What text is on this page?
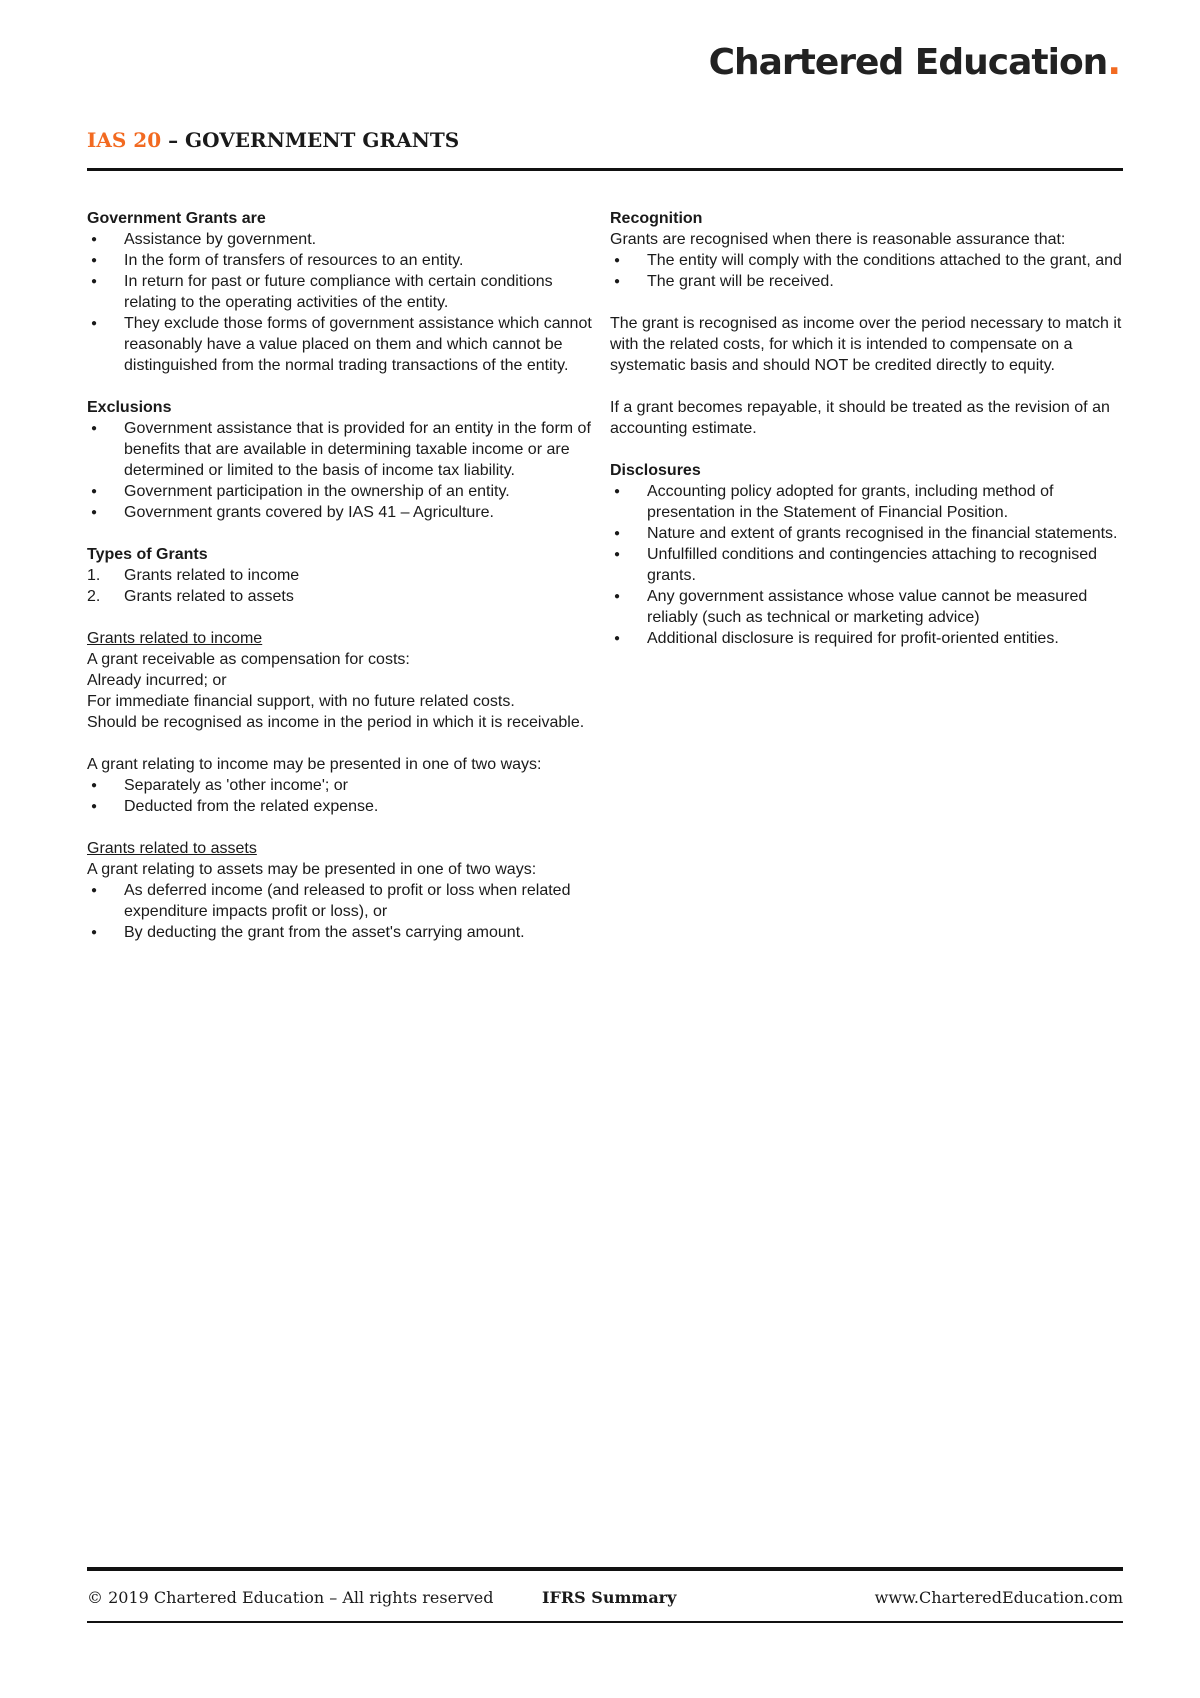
Chartered Education.
IAS 20 – GOVERNMENT GRANTS
Government Grants are
● Assistance by government.
● In the form of transfers of resources to an entity.
● In return for past or future compliance with certain conditions relating to the operating activities of the entity.
● They exclude those forms of government assistance which cannot reasonably have a value placed on them and which cannot be distinguished from the normal trading transactions of the entity.
Exclusions
● Government assistance that is provided for an entity in the form of benefits that are available in determining taxable income or are determined or limited to the basis of income tax liability.
● Government participation in the ownership of an entity.
● Government grants covered by IAS 41 – Agriculture.
Types of Grants
1. Grants related to income
2. Grants related to assets

Grants related to income

A grant receivable as compensation for costs:

Already incurred; or

For immediate financial support, with no future related costs.

Should be recognised as income in the period in which it is receivable.

A grant relating to income may be presented in one of two ways:

● Separately as 'other income'; or
● Deducted from the related expense.

Grants related to assets

A grant relating to assets may be presented in one of two ways:

● As deferred income (and released to profit or loss when related expenditure impacts profit or loss), or
● By deducting the grant from the asset's carrying amount.
Recognition

Grants are recognised when there is reasonable assurance that:

● The entity will comply with the conditions attached to the grant, and
● The grant will be received.

The grant is recognised as income over the period necessary to match it with the related costs, for which it is intended to compensate on a systematic basis and should NOT be credited directly to equity.

If a grant becomes repayable, it should be treated as the revision of an accounting estimate.

Disclosures
● Accounting policy adopted for grants, including method of presentation in the Statement of Financial Position.
● Nature and extent of grants recognised in the financial statements.
● Unfulfilled conditions and contingencies attaching to recognised grants.
● Any government assistance whose value cannot be measured reliably (such as technical or marketing advice)
● Additional disclosure is required for profit-oriented entities.
© 2019 Chartered Education – All rights reserved	IFRS Summary	www.CharteredEducation.com
